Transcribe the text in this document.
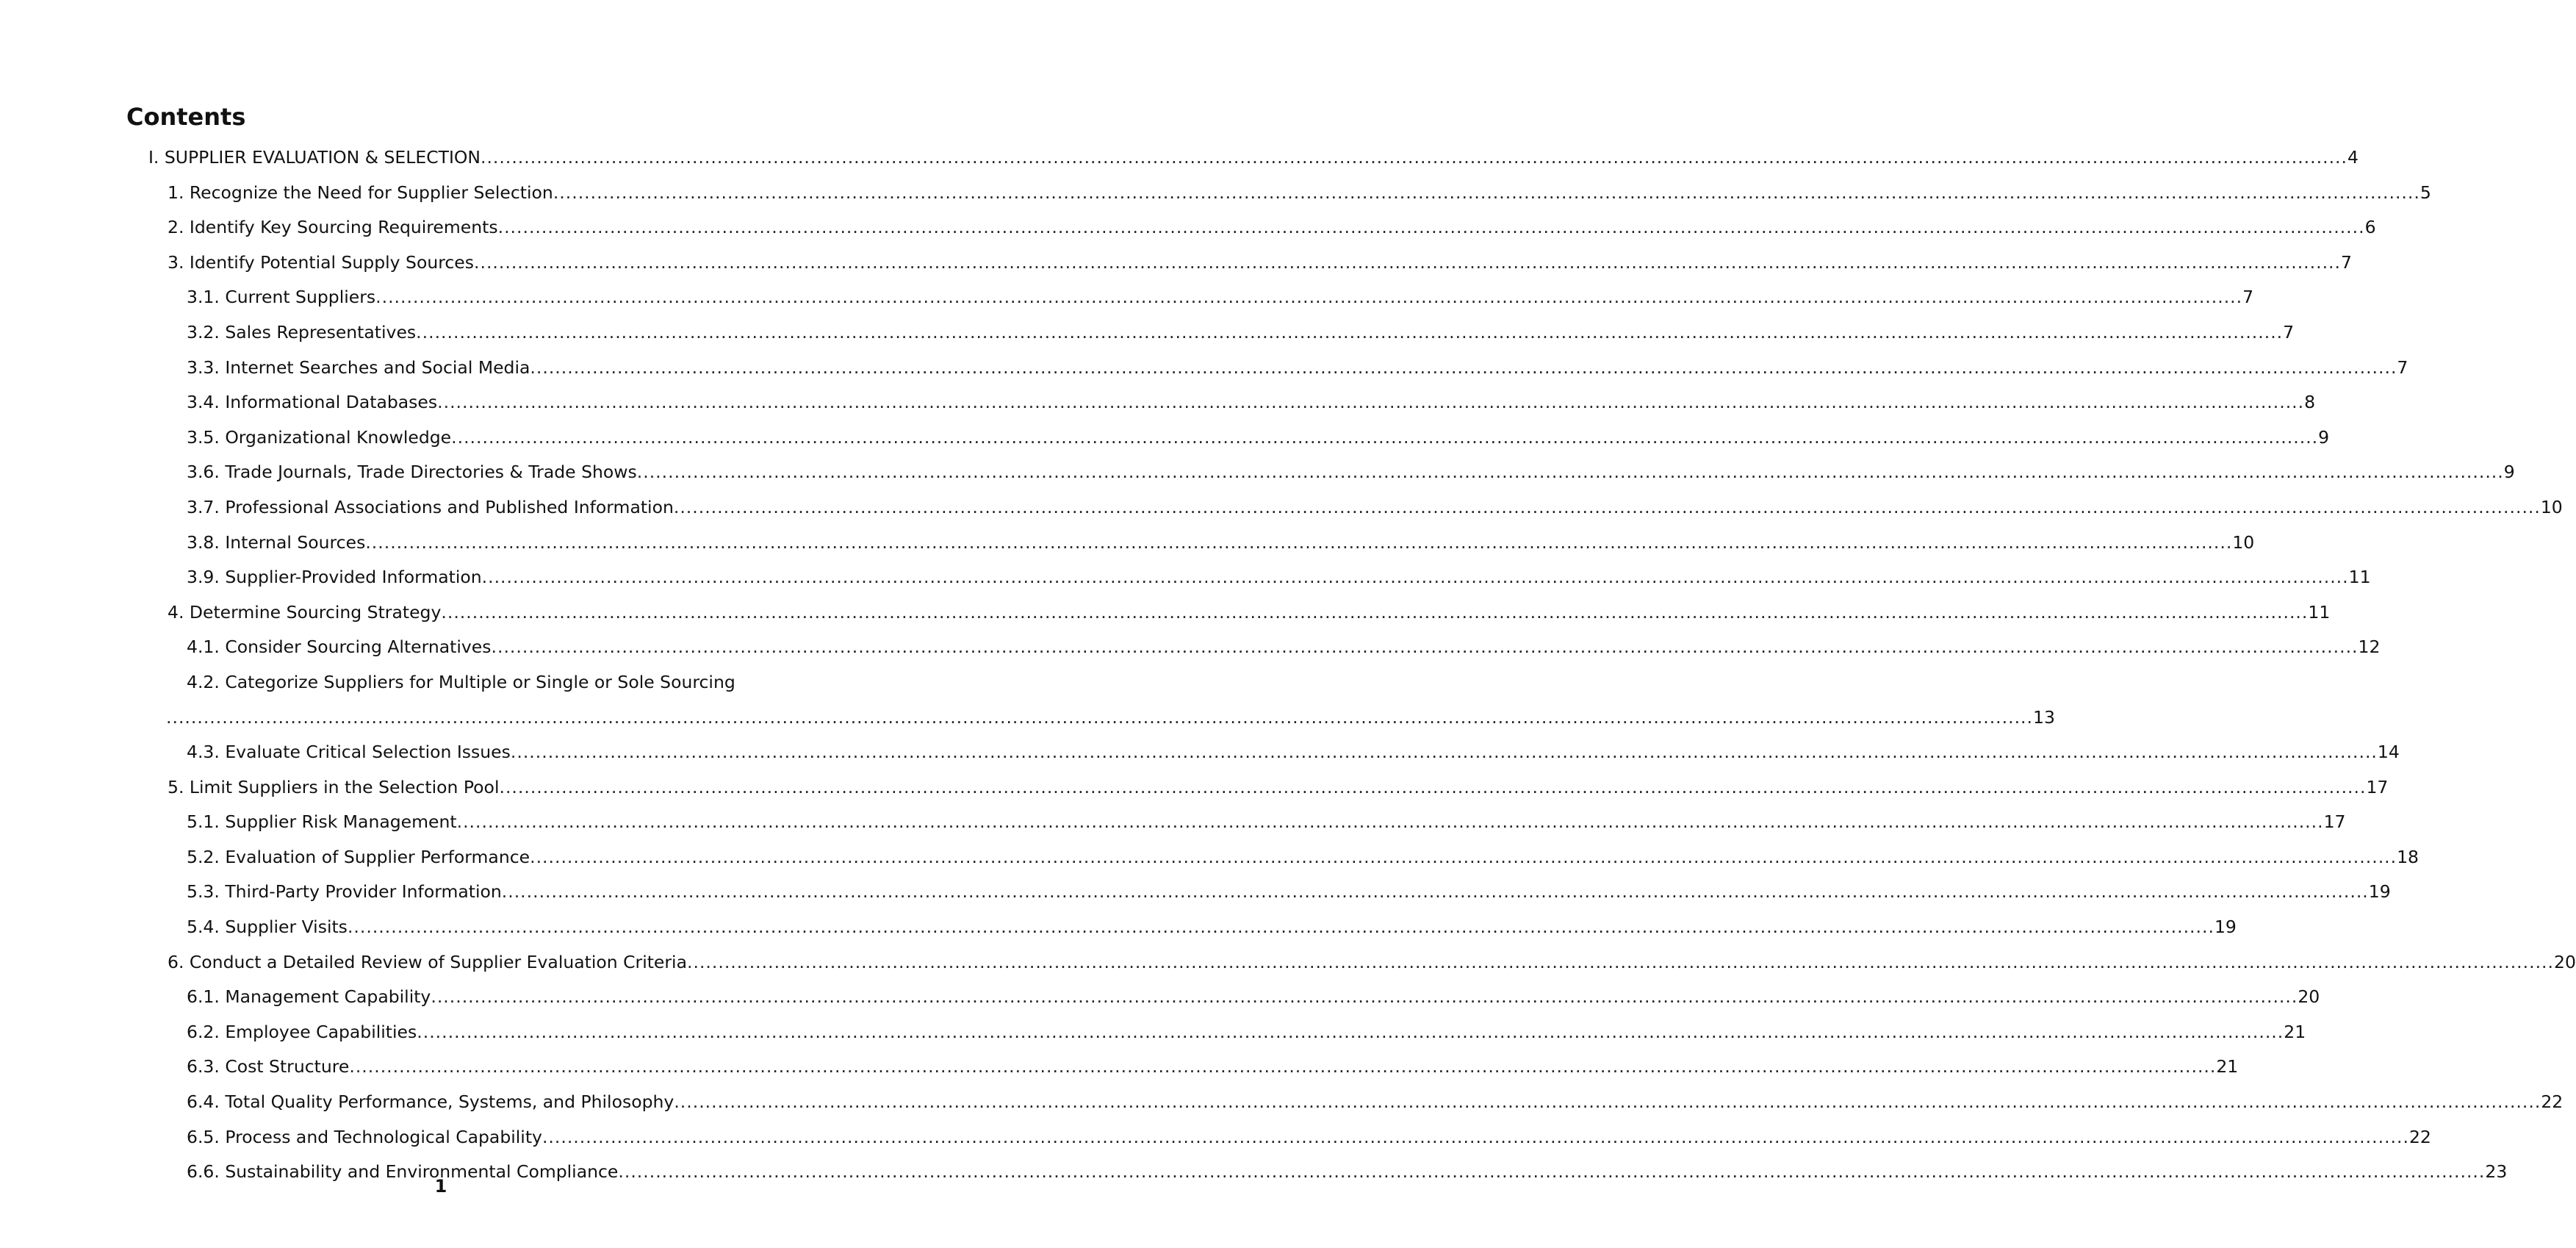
Contents
I. SUPPLIER EVALUATION & SELECTION ............................................................................................................................................................................................................................................................................................................ 4
1. Recognize the Need for Supplier Selection ............................................................................................................................................................................................................................................................................................................ 5
2. Identify Key Sourcing Requirements ............................................................................................................................................................................................................................................................................................................ 6
3. Identify Potential Supply Sources ............................................................................................................................................................................................................................................................................................................ 7
3.1. Current Suppliers ............................................................................................................................................................................................................................................................................................................ 7
3.2. Sales Representatives ............................................................................................................................................................................................................................................................................................................ 7
3.3. Internet Searches and Social Media ............................................................................................................................................................................................................................................................................................................ 7
3.4. Informational Databases ............................................................................................................................................................................................................................................................................................................ 8
3.5. Organizational Knowledge ............................................................................................................................................................................................................................................................................................................ 9
3.6. Trade Journals, Trade Directories & Trade Shows ............................................................................................................................................................................................................................................................................................................ 9
3.7. Professional Associations and Published Information ............................................................................................................................................................................................................................................................................................................ 10
3.8. Internal Sources ............................................................................................................................................................................................................................................................................................................ 10
3.9. Supplier-Provided Information ............................................................................................................................................................................................................................................................................................................ 11
4. Determine Sourcing Strategy ............................................................................................................................................................................................................................................................................................................ 11
4.1. Consider Sourcing Alternatives ............................................................................................................................................................................................................................................................................................................ 12
4.2. Categorize Suppliers for Multiple or Single or Sole Sourcing
............................................................................................................................................................................................................................................................................................................ 13
4.3. Evaluate Critical Selection Issues ............................................................................................................................................................................................................................................................................................................ 14
5. Limit Suppliers in the Selection Pool ............................................................................................................................................................................................................................................................................................................ 17
5.1. Supplier Risk Management ............................................................................................................................................................................................................................................................................................................ 17
5.2. Evaluation of Supplier Performance ............................................................................................................................................................................................................................................................................................................ 18
5.3. Third-Party Provider Information ............................................................................................................................................................................................................................................................................................................ 19
5.4. Supplier Visits ............................................................................................................................................................................................................................................................................................................ 19
6. Conduct a Detailed Review of Supplier Evaluation Criteria ............................................................................................................................................................................................................................................................................................................ 20
6.1. Management Capability ............................................................................................................................................................................................................................................................................................................ 20
6.2. Employee Capabilities ............................................................................................................................................................................................................................................................................................................ 21
6.3. Cost Structure ............................................................................................................................................................................................................................................................................................................ 21
6.4. Total Quality Performance, Systems, and Philosophy ............................................................................................................................................................................................................................................................................................................ 22
6.5. Process and Technological Capability ............................................................................................................................................................................................................................................................................................................ 22
6.6. Sustainability and Environmental Compliance ............................................................................................................................................................................................................................................................................................................ 23
1
